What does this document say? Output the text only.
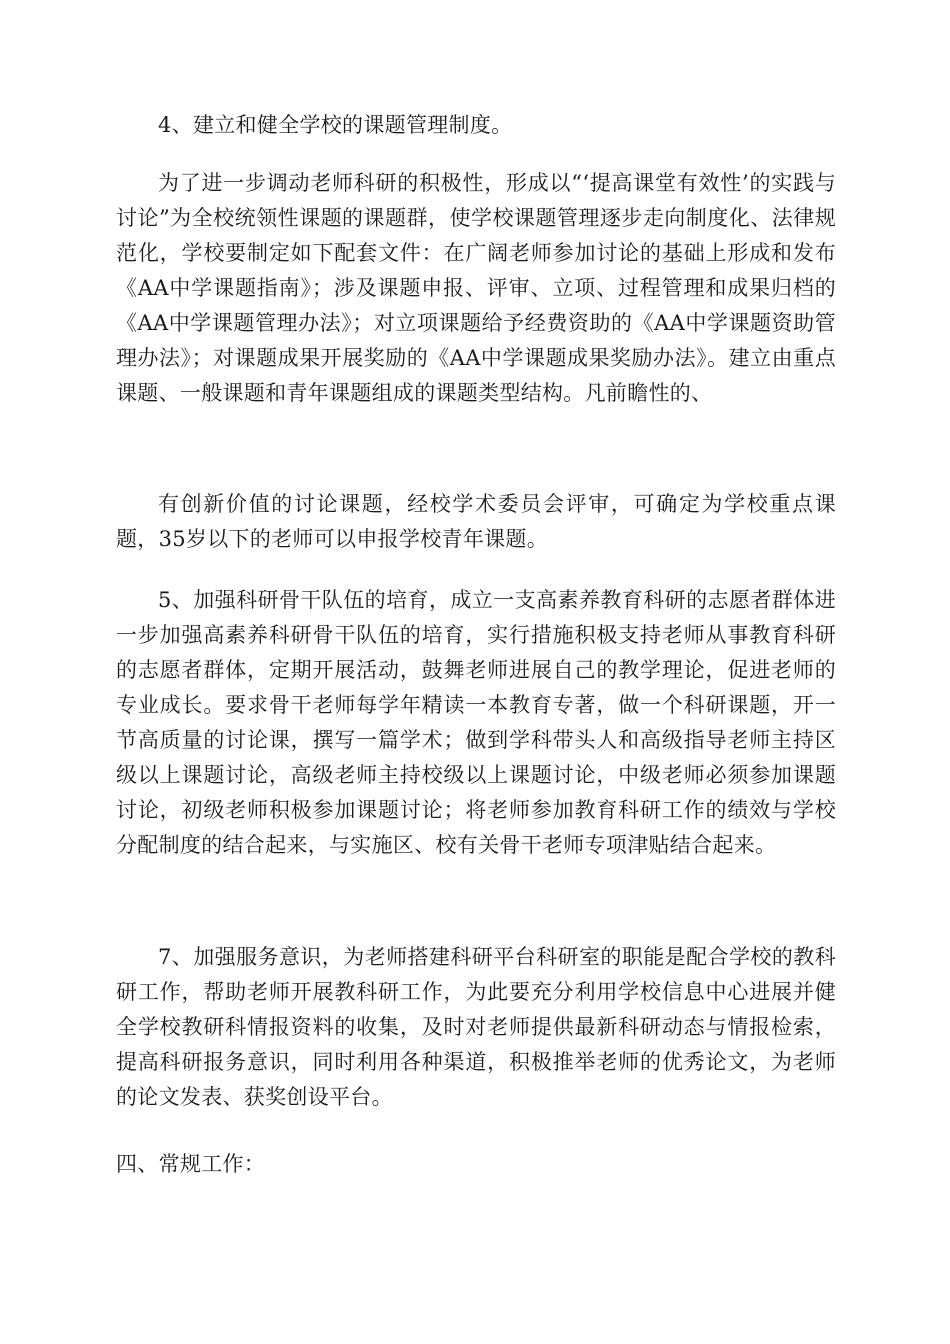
4、建立和健全学校的课题管理制度。

为了进一步调动老师科研的积极性，形成以“‘提高课堂有效性’的实践与讨论”为全校统领性课题的课题群，使学校课题管理逐步走向制度化、法律规范化，学校要制定如下配套文件：在广阔老师参加讨论的基础上形成和发布《AA中学课题指南》；涉及课题申报、评审、立项、过程管理和成果归档的《AA中学课题管理办法》；对立项课题给予经费资助的《AA中学课题资助管理办法》；对课题成果开展奖励的《AA中学课题成果奖励办法》。建立由重点课题、一般课题和青年课题组成的课题类型结构。凡前瞻性的、

有创新价值的讨论课题，经校学术委员会评审，可确定为学校重点课题，35岁以下的老师可以申报学校青年课题。

5、加强科研骨干队伍的培育，成立一支高素养教育科研的志愿者群体进一步加强高素养科研骨干队伍的培育，实行措施积极支持老师从事教育科研的志愿者群体，定期开展活动，鼓舞老师进展自己的教学理论，促进老师的专业成长。要求骨干老师每学年精读一本教育专著，做一个科研课题，开一节高质量的讨论课，撰写一篇学术；做到学科带头人和高级指导老师主持区级以上课题讨论，高级老师主持校级以上课题讨论，中级老师必须参加课题讨论，初级老师积极参加课题讨论；将老师参加教育科研工作的绩效与学校分配制度的结合起来，与实施区、校有关骨干老师专项津贴结合起来。

7、加强服务意识，为老师搭建科研平台科研室的职能是配合学校的教科研工作，帮助老师开展教科研工作，为此要充分利用学校信息中心进展并健全学校教研科情报资料的收集，及时对老师提供最新科研动态与情报检索，提高科研报务意识，同时利用各种渠道，积极推举老师的优秀论文，为老师的论文发表、获奖创设平台。

四、常规工作：
